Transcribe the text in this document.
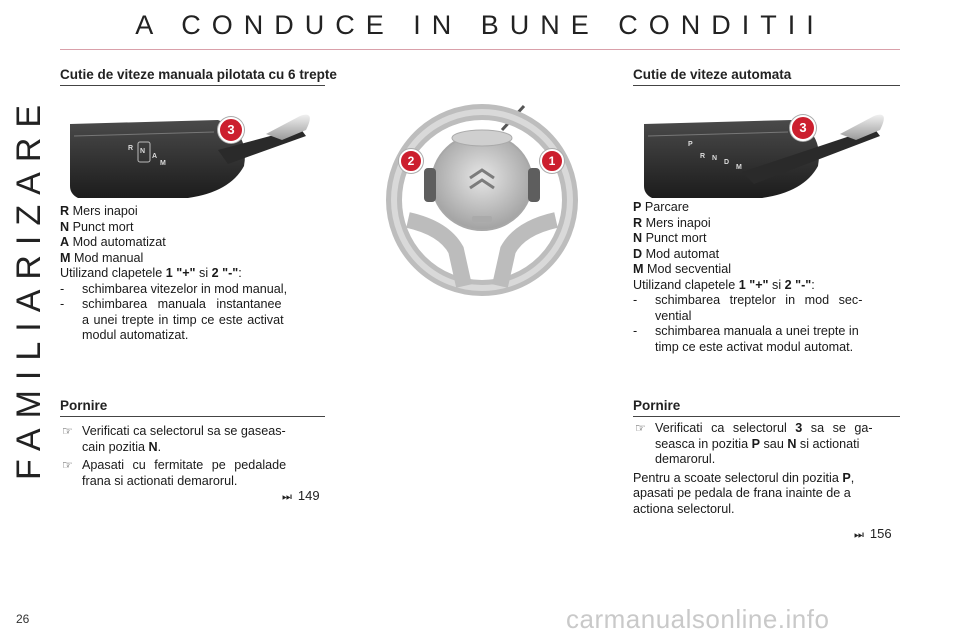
A CONDUCE IN BUNE CONDITII
FAMILIARIZARE
Cutie de viteze manuala pilotata cu 6 trepte
R N
A
M
3
R Mers inapoi
N Punct mort
A Mod automatizat
M Mod manual
Utilizand clapetele 1 "+" si 2 "-":
- schimbarea vitezelor in mod manual,
- schimbarea manuala instantanee
a unei trepte in timp ce este activat
modul automatizat.
Pornire
☞ Verificati ca selectorul sa se gaseas-
cain pozitia N.
☞ Apasati cu fermitate pe pedalade
frana si actionati demarorul.
⏭ 149
2	1
Cutie de viteze automata
P
R N
D
M
3
P Parcare
R Mers inapoi
N Punct mort
D Mod automat
M Mod secvential
Utilizand clapetele 1 "+" si 2 "-":
- schimbarea treptelor in mod sec-
vential
- schimbarea manuala a unei trepte in
timp ce este activat modul automat.
Pornire
☞ Verificati ca selectorul 3 sa se ga-
seasca in pozitia P sau N si actionati
demarorul.
Pentru a scoate selectorul din pozitia P,
apasati pe pedala de frana inainte de a
actiona selectorul.
⏭ 156
26	carmanualsonline.info
